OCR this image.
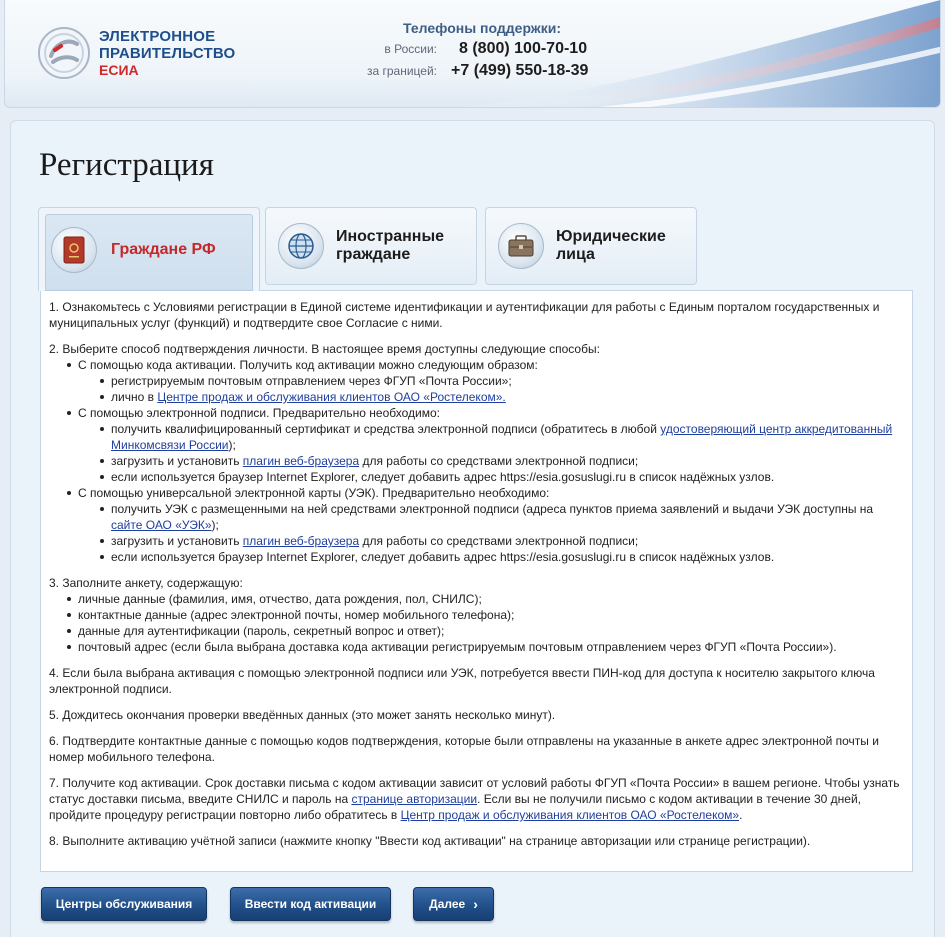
ЭЛЕКТРОННОЕ
ПРАВИТЕЛЬСТВО
ЕСИА
Телефоны поддержки:
в России: 8 (800) 100-70-10
за границей: +7 (499) 550-18-39
Регистрация
Граждане РФ
Иностранные
граждане
Юридические
лица

1. Ознакомьтесь с Условиями регистрации в Единой системе идентификации и аутентификации для работы с Единым порталом государственных и муниципальных услуг (функций) и подтвердите свое Согласие с ними.

2. Выберите способ подтверждения личности. В настоящее время доступны следующие способы:
С помощью кода активации. Получить код активации можно следующим образом:
регистрируемым почтовым отправлением через ФГУП «Почта России»;
лично в Центре продаж и обслуживания клиентов ОАО «Ростелеком».
С помощью электронной подписи. Предварительно необходимо:
получить квалифицированный сертификат и средства электронной подписи (обратитесь в любой удостоверяющий центр аккредитованный Минкомсвязи России);
загрузить и установить плагин веб-браузера для работы со средствами электронной подписи;
если используется браузер Internet Explorer, следует добавить адрес https://esia.gosuslugi.ru в список надёжных узлов.
С помощью универсальной электронной карты (УЭК). Предварительно необходимо:
получить УЭК с размещенными на ней средствами электронной подписи (адреса пунктов приема заявлений и выдачи УЭК доступны на сайте ОАО «УЭК»);
загрузить и установить плагин веб-браузера для работы со средствами электронной подписи;
если используется браузер Internet Explorer, следует добавить адрес https://esia.gosuslugi.ru в список надёжных узлов.
3. Заполните анкету, содержащую:
личные данные (фамилия, имя, отчество, дата рождения, пол, СНИЛС);
контактные данные (адрес электронной почты, номер мобильного телефона);
данные для аутентификации (пароль, секретный вопрос и ответ);
почтовый адрес (если была выбрана доставка кода активации регистрируемым почтовым отправлением через ФГУП «Почта России»).

4. Если была выбрана активация с помощью электронной подписи или УЭК, потребуется ввести ПИН-код для доступа к носителю закрытого ключа электронной подписи.

5. Дождитесь окончания проверки введённых данных (это может занять несколько минут).

6. Подтвердите контактные данные с помощью кодов подтверждения, которые были отправлены на указанные в анкете адрес электронной почты и номер мобильного телефона.

7. Получите код активации. Срок доставки письма с кодом активации зависит от условий работы ФГУП «Почта России» в вашем регионе. Чтобы узнать статус доставки письма, введите СНИЛС и пароль на странице авторизации. Если вы не получили письмо с кодом активации в течение 30 дней, пройдите процедуру регистрации повторно либо обратитесь в Центр продаж и обслуживания клиентов ОАО «Ростелеком».

8. Выполните активацию учётной записи (нажмите кнопку "Ввести код активации" на странице авторизации или странице регистрации).

Центры обслуживания	Ввести код активации	Далее ›
